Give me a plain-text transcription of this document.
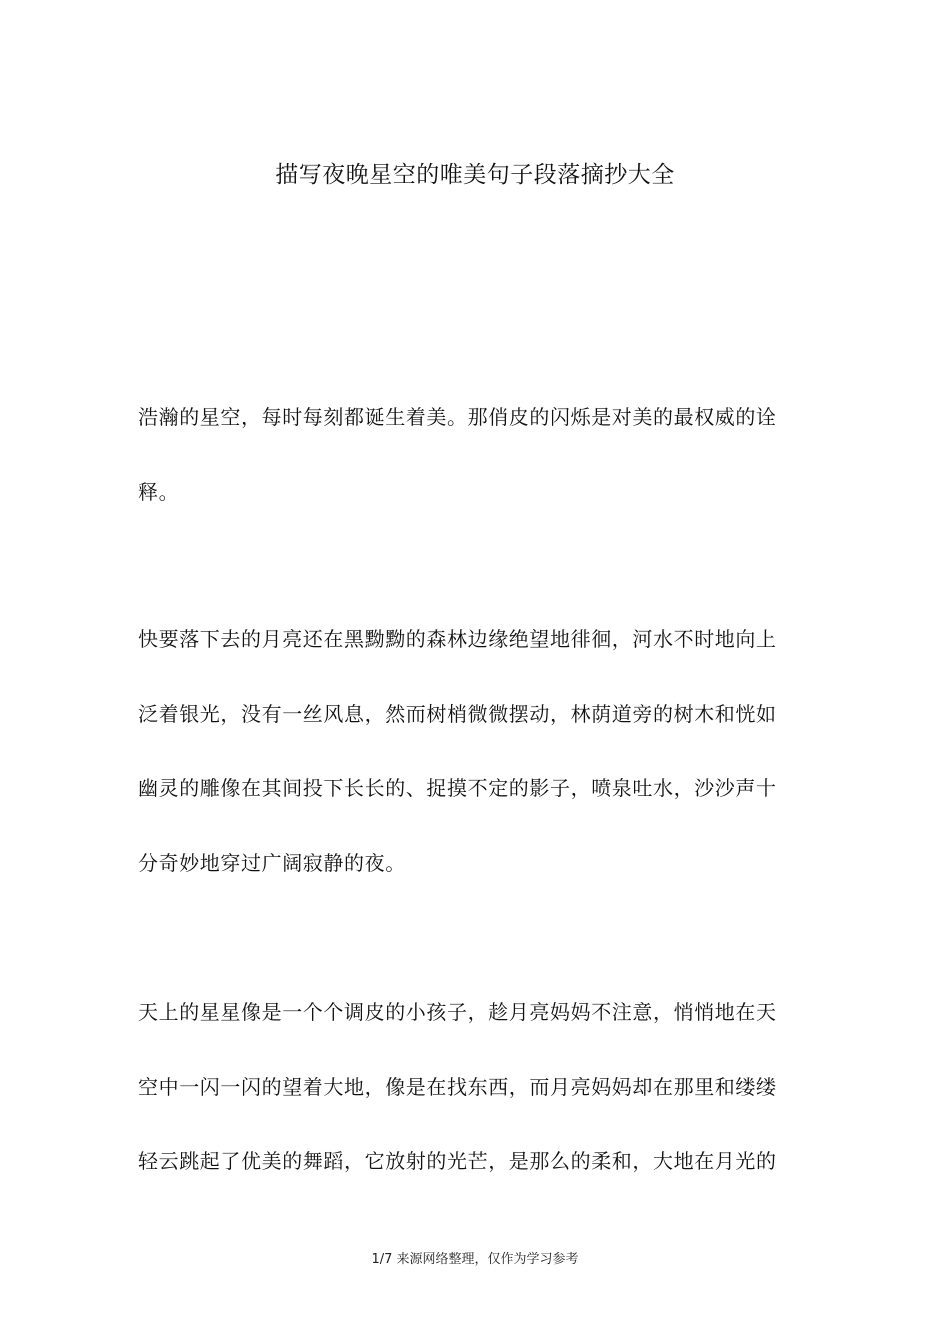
描写夜晚星空的唯美句子段落摘抄大全
浩瀚的星空，每时每刻都诞生着美。那俏皮的闪烁是对美的最权威的诠
释。
快要落下去的月亮还在黑黝黝的森林边缘绝望地徘徊，河水不时地向上
泛着银光，没有一丝风息，然而树梢微微摆动，林荫道旁的树木和恍如
幽灵的雕像在其间投下长长的、捉摸不定的影子，喷泉吐水，沙沙声十
分奇妙地穿过广阔寂静的夜。
天上的星星像是一个个调皮的小孩子，趁月亮妈妈不注意，悄悄地在天
空中一闪一闪的望着大地，像是在找东西，而月亮妈妈却在那里和缕缕
轻云跳起了优美的舞蹈，它放射的光芒，是那么的柔和，大地在月光的
1/7 来源网络整理，仅作为学习参考
